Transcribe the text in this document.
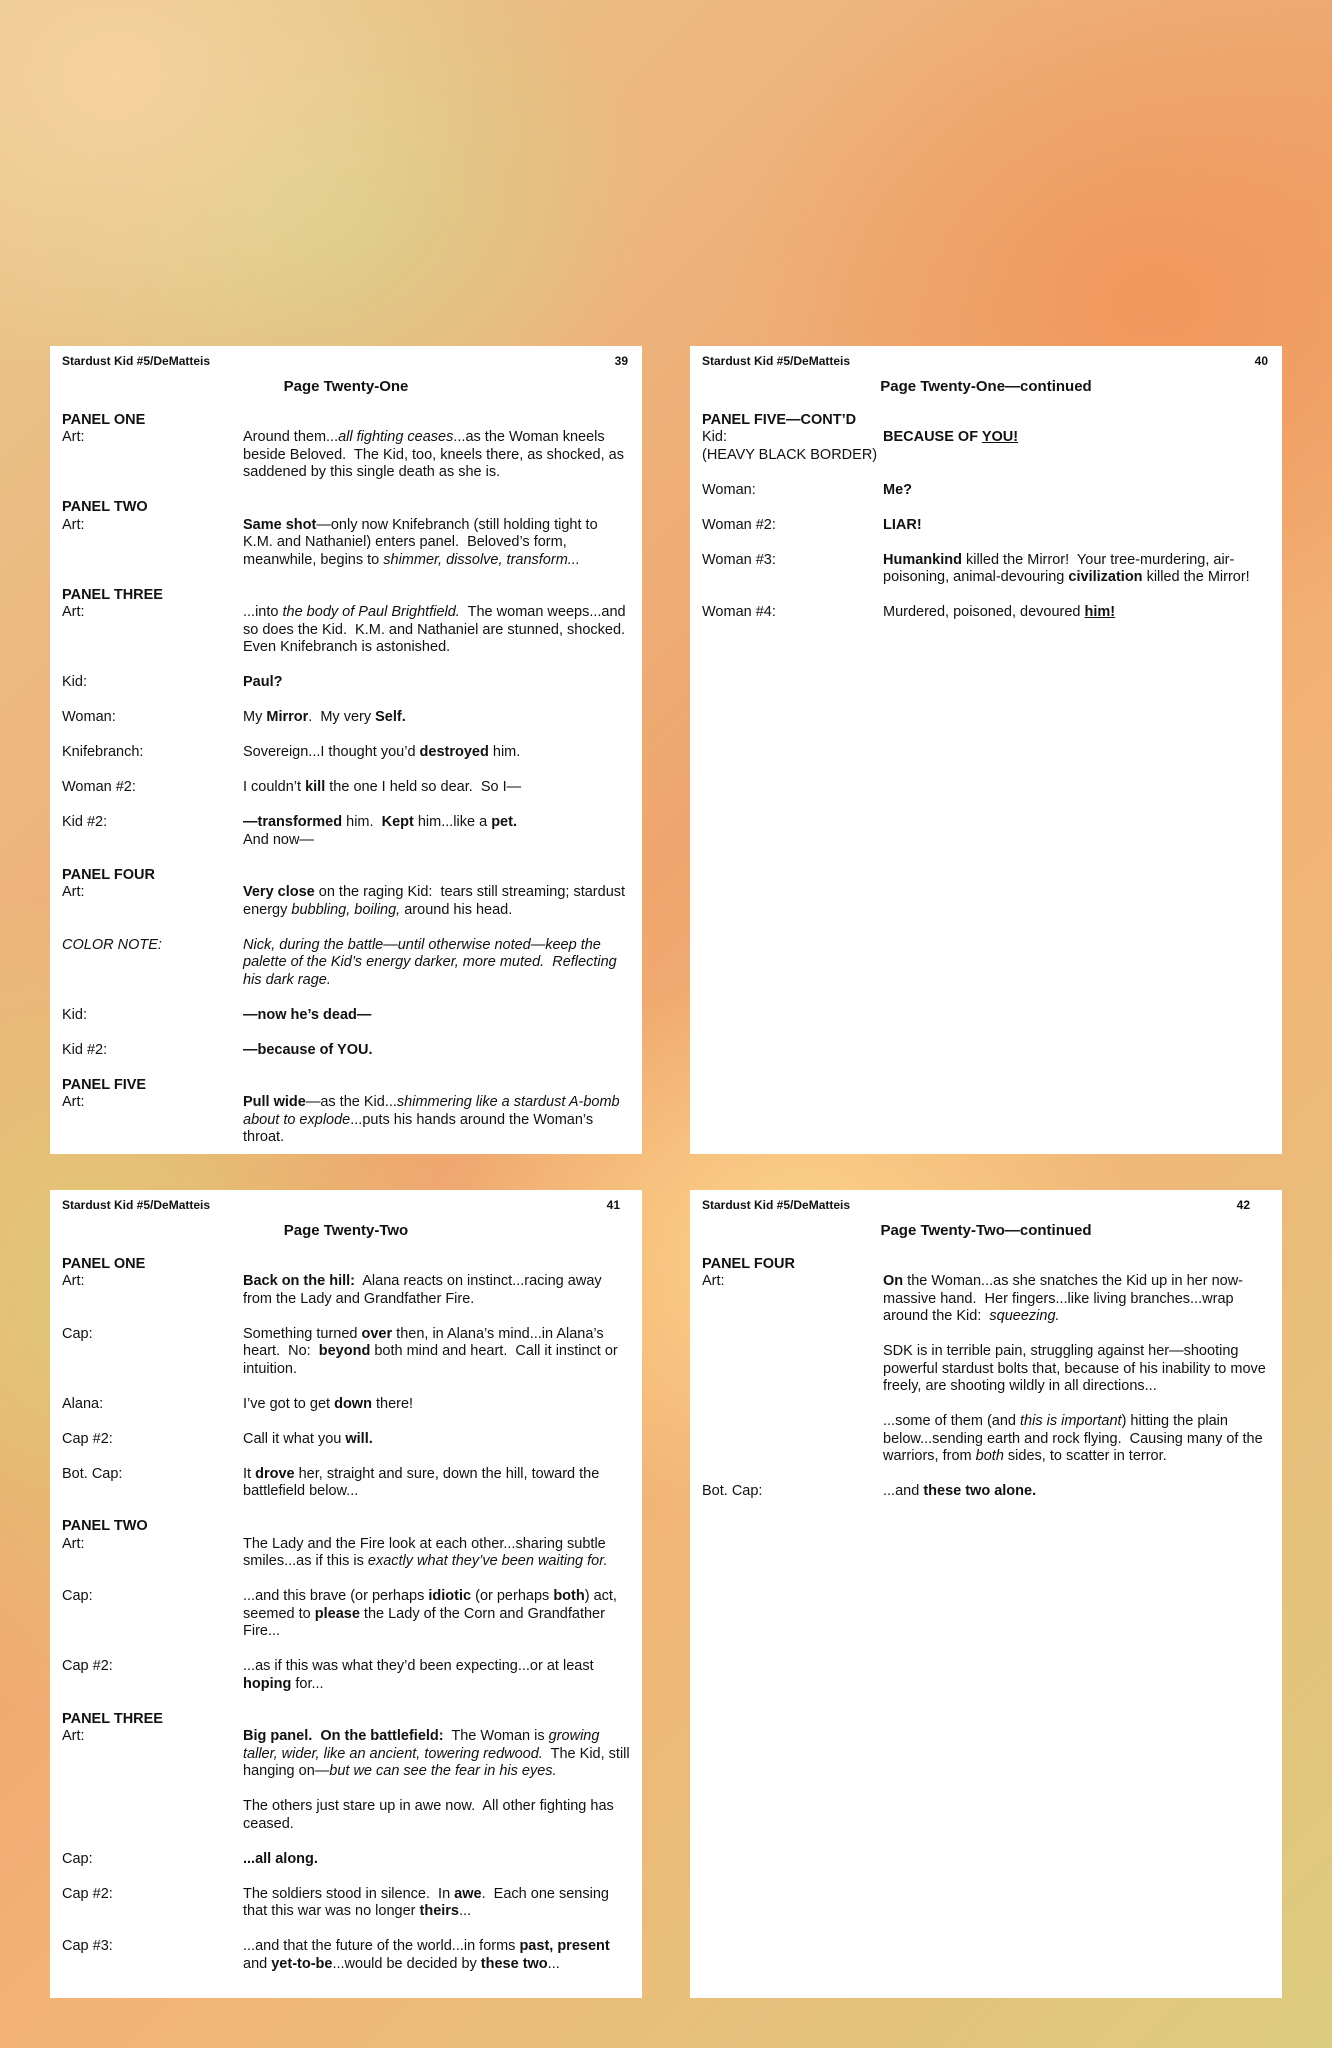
Stardust Kid #5/DeMatteis	39
Page Twenty-One
PANEL ONE
Art:	Around them...all fighting ceases...as the Woman kneels beside Beloved.  The Kid, too, kneels there, as shocked, as saddened by this single death as she is.
PANEL TWO
Art:	Same shot—only now Knifebranch (still holding tight to K.M. and Nathaniel) enters panel.  Beloved’s form, meanwhile, begins to shimmer, dissolve, transform...
PANEL THREE
Art:	...into the body of Paul Brightfield.  The woman weeps...and so does the Kid.  K.M. and Nathaniel are stunned, shocked.  Even Knifebranch is astonished.
Kid:	Paul?
Woman:	My Mirror.  My very Self.
Knifebranch:	Sovereign...I thought you’d destroyed him.
Woman #2:	I couldn’t kill the one I held so dear.  So I—
Kid #2:	—transformed him.  Kept him...like a pet.
And now—
PANEL FOUR
Art:	Very close on the raging Kid:  tears still streaming; stardust energy bubbling, boiling, around his head.
COLOR NOTE:	Nick, during the battle—until otherwise noted—keep the palette of the Kid’s energy darker, more muted.  Reflecting his dark rage.
Kid:	—now he’s dead—
Kid #2:	—because of YOU.
PANEL FIVE
Art:	Pull wide—as the Kid...shimmering like a stardust A-bomb about to explode...puts his hands around the Woman’s throat.
Stardust Kid #5/DeMatteis	40
Page Twenty-One—continued
PANEL FIVE—CONT’D
Kid:	BECAUSE OF YOU!
(HEAVY BLACK BORDER)
Woman:	Me?
Woman #2:	LIAR!
Woman #3:	Humankind killed the Mirror!  Your tree-murdering, air-poisoning, animal-devouring civilization killed the Mirror!
Woman #4:	Murdered, poisoned, devoured him!
Stardust Kid #5/DeMatteis	41
Page Twenty-Two
PANEL ONE
Art:	Back on the hill:  Alana reacts on instinct...racing away from the Lady and Grandfather Fire.
Cap:	Something turned over then, in Alana’s mind...in Alana’s heart.  No:  beyond both mind and heart.  Call it instinct or intuition.
Alana:	I’ve got to get down there!
Cap #2:	Call it what you will.
Bot. Cap:	It drove her, straight and sure, down the hill, toward the battlefield below...
PANEL TWO
Art:	The Lady and the Fire look at each other...sharing subtle smiles...as if this is exactly what they’ve been waiting for.
Cap:	...and this brave (or perhaps idiotic (or perhaps both) act, seemed to please the Lady of the Corn and Grandfather Fire...
Cap #2:	...as if this was what they’d been expecting...or at least hoping for...
PANEL THREE
Art:	Big panel.  On the battlefield:  The Woman is growing taller, wider, like an ancient, towering redwood.  The Kid, still hanging on—but we can see the fear in his eyes.
The others just stare up in awe now.  All other fighting has ceased.
Cap:	...all along.
Cap #2:	The soldiers stood in silence.  In awe.  Each one sensing that this war was no longer theirs...
Cap #3:	...and that the future of the world...in forms past, present and yet-to-be...would be decided by these two...
Stardust Kid #5/DeMatteis	42
Page Twenty-Two—continued
PANEL FOUR
Art:	On the Woman...as she snatches the Kid up in her now-massive hand.  Her fingers...like living branches...wrap around the Kid:  squeezing.
SDK is in terrible pain, struggling against her—shooting powerful stardust bolts that, because of his inability to move freely, are shooting wildly in all directions...
...some of them (and this is important) hitting the plain below...sending earth and rock flying.  Causing many of the warriors, from both sides, to scatter in terror.
Bot. Cap:	...and these two alone.
